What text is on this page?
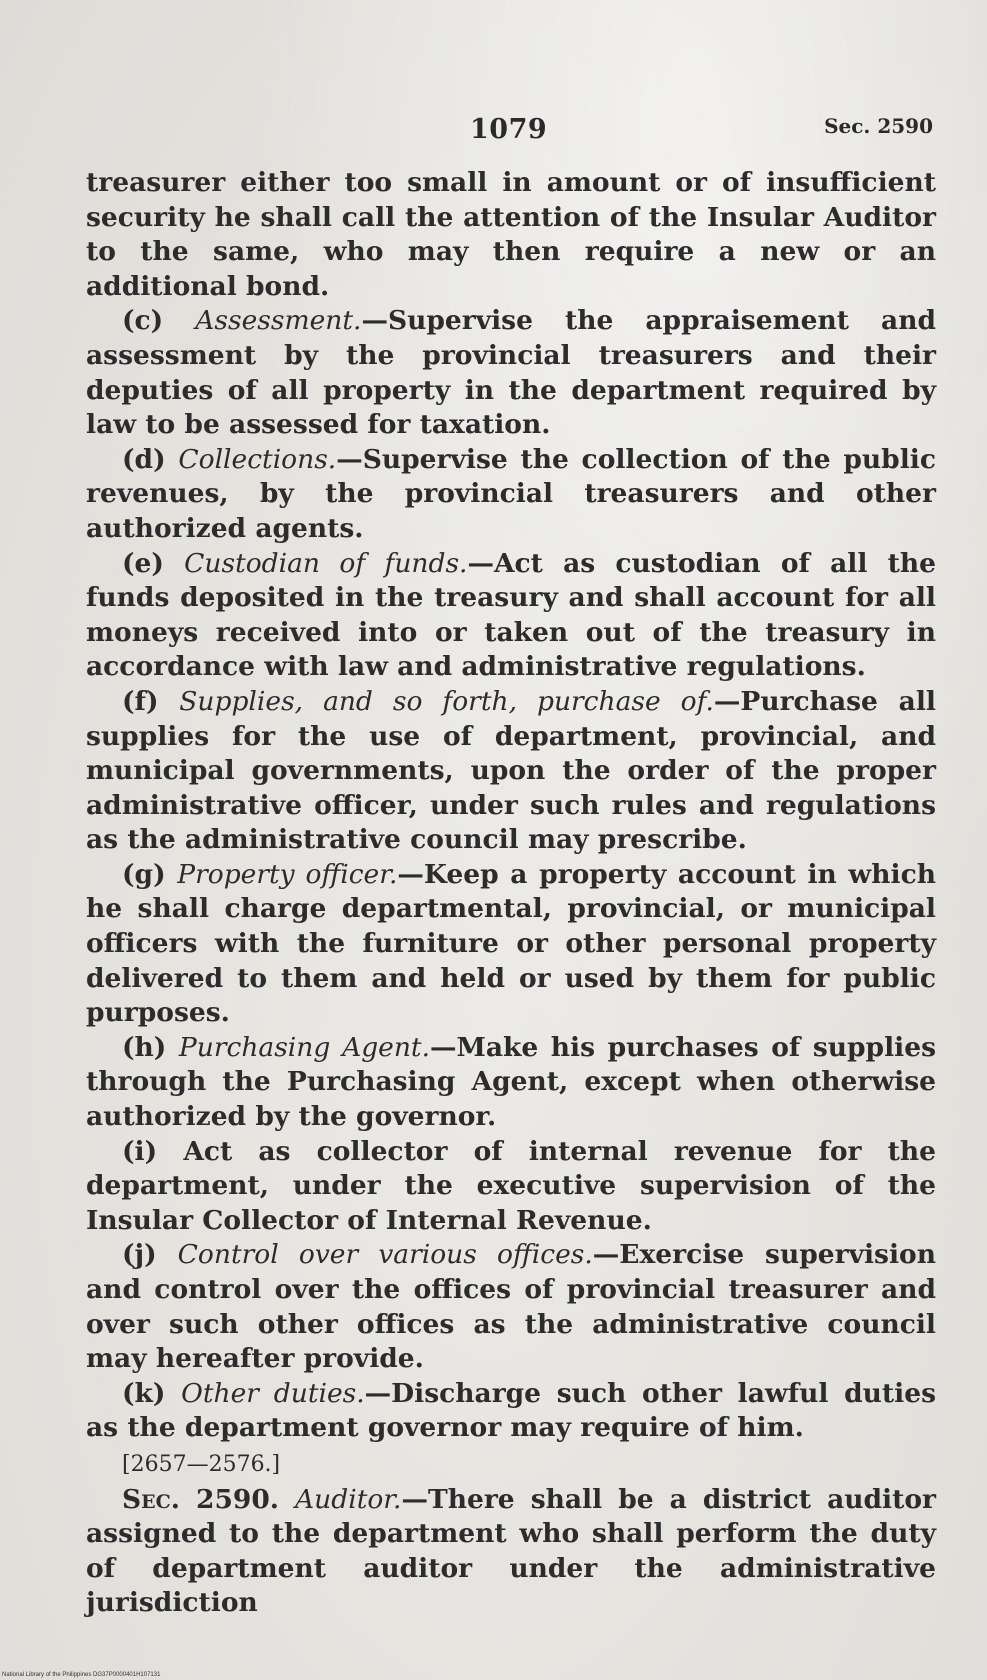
1079	Sec. 2590

treasurer either too small in amount or of insufficient security he shall call the attention of the Insular Auditor to the same, who may then require a new or an additional bond.

(c) Assessment.—Supervise the appraisement and assessment by the provincial treasurers and their deputies of all property in the department required by law to be assessed for taxation.

(d) Collections.—Supervise the collection of the public revenues, by the provincial treasurers and other authorized agents.

(e) Custodian of funds.—Act as custodian of all the funds deposited in the treasury and shall account for all moneys received into or taken out of the treasury in accordance with law and administrative regulations.

(f) Supplies, and so forth, purchase of.—Purchase all supplies for the use of department, provincial, and municipal governments, upon the order of the proper administrative officer, under such rules and regulations as the administrative council may prescribe.

(g) Property officer.—Keep a property account in which he shall charge departmental, provincial, or municipal officers with the furniture or other personal property delivered to them and held or used by them for public purposes.

(h) Purchasing Agent.—Make his purchases of supplies through the Purchasing Agent, except when otherwise authorized by the governor.

(i) Act as collector of internal revenue for the department, under the executive supervision of the Insular Collector of Internal Revenue.

(j) Control over various offices.—Exercise supervision and control over the offices of provincial treasurer and over such other offices as the administrative council may hereafter provide.

(k) Other duties.—Discharge such other lawful duties as the department governor may require of him.

[2657—2576.]

Sec. 2590. Auditor.—There shall be a district auditor assigned to the department who shall perform the duty of department auditor under the administrative jurisdiction

National Library of the Philippines DG37P0000401H107131
